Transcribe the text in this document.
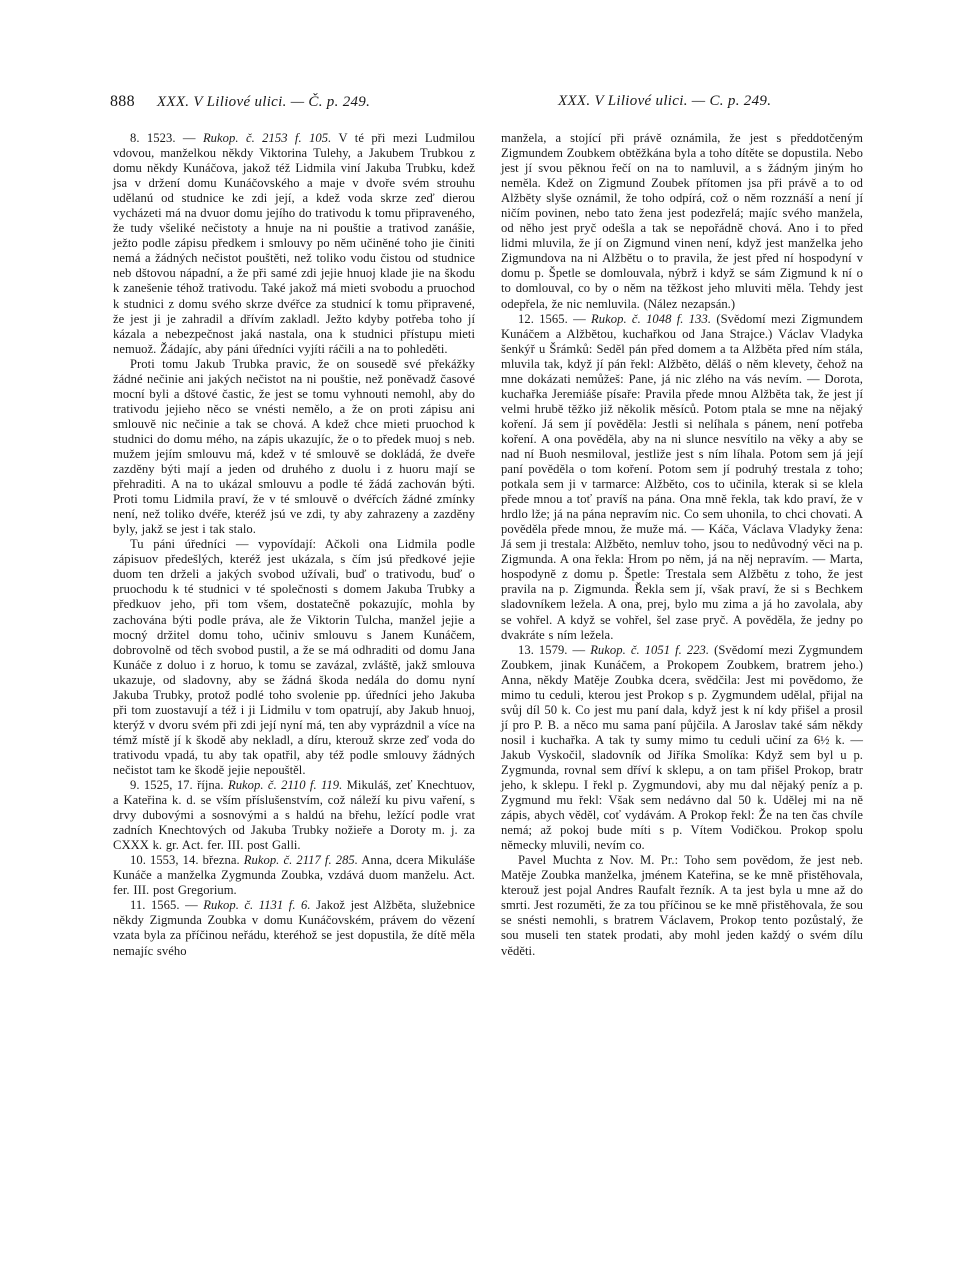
888 XXX. V Liliové ulici. — Č. p. 249.	XXX. V Liliové ulici. — C. p. 249.

8. 1523. — Rukop. č. 2153 f. 105. V té při mezi Ludmilou vdovou, manželkou někdy Viktorina Tulehy, a Jakubem Trubkou z domu někdy Kunáčova, jakož též Lidmila viní Jakuba Trubku, kdež jsa v držení domu Kunáčovského a maje v dvoře svém strouhu udělanú od studnice ke zdi její, a kdež voda skrze zeď dierou vycházeti má na dvuor domu jejího do trativodu k tomu připraveného, že tudy všeliké nečistoty a hnuje na ni pouštie a trativod zanášie, ježto podle zápisu předkem i smlouvy po něm učiněné toho jie činiti nemá a žádných nečistot pouštěti, než toliko vodu čistou od studnice neb dštovou nápadní, a že při samé zdi jejie hnuoj klade jie na škodu k zanešenie téhož trativodu. Také jakož má mieti svobodu a pruochod k studnici z domu svého skrze dvéřce za studnicí k tomu připravené, že jest ji je zahradil a dřívím zakladl. Ježto kdyby potřeba toho jí kázala a nebezpečnost jaká nastala, ona k studnici přístupu mieti nemuož. Žádajíc, aby páni úředníci vyjíti ráčili a na to pohleděti.

Proti tomu Jakub Trubka pravic, že on sousedě své překážky žádné nečinie ani jakých nečistot na ni pouštie, než poněvadž časové mocní byli a dštové častic, že jest se tomu vyhnouti nemohl, aby do trativodu jejieho něco se vnésti nemělo, a že on proti zápisu ani smlouvě nic nečinie a tak se chová. A kdež chce mieti pruochod k studnici do domu mého, na zápis ukazujíc, že o to předek muoj s neb. mužem jejím smlouvu má, kdež v té smlouvě se dokládá, že dveře zazděny býti mají a jeden od druhého z duolu i z huoru mají se přehraditi. A na to ukázal smlouvu a podle té žádá zachován býti. Proti tomu Lidmila praví, že v té smlouvě o dvéřcích žádné zmínky není, než toliko dvéře, kteréž jsú ve zdi, ty aby zahrazeny a zazděny byly, jakž se jest i tak stalo.

Tu páni úředníci — vypovídají: Ačkoli ona Lidmila podle zápisuov předešlých, kteréž jest ukázala, s čím jsú předkové jejie duom ten drželi a jakých svobod užívali, buď o trativodu, buď o pruochodu k té studnici v té společnosti s domem Jakuba Trubky a předkuov jeho, při tom všem, dostatečně pokazujíc, mohla by zachována býti podle práva, ale že Viktorin Tulcha, manžel jejie a mocný držitel domu toho, učiniv smlouvu s Janem Kunáčem, dobrovolně od těch svobod pustil, a že se má odhraditi od domu Jana Kunáče z doluo i z horuo, k tomu se zavázal, zvláště, jakž smlouva ukazuje, od sladovny, aby se žádná škoda nedála do domu nyní Jakuba Trubky, protož podlé toho svolenie pp. úředníci jeho Jakuba při tom zuostavují a též i ji Lidmilu v tom opatrují, aby Jakub hnuoj, kterýž v dvoru svém při zdi její nyní má, ten aby vyprázdnil a více na témž místě jí k škodě aby nekladl, a díru, kterouž skrze zeď voda do trativodu vpadá, tu aby tak opatřil, aby též podle smlouvy žádných nečistot tam ke škodě jejie nepouštěl.

9. 1525, 17. října. Rukop. č. 2110 f. 119. Mikuláš, zeť Knechtuov, a Kateřina k. d. se vším příslušenstvím, což náleží ku pivu vaření, s drvy dubovými a sosnovými a s haldú na břehu, ležící podle vrat zadních Knechtových od Jakuba Trubky nožieře a Doroty m. j. za CXXX k. gr. Act. fer. III. post Galli.

10. 1553, 14. března. Rukop. č. 2117 f. 285. Anna, dcera Mikuláše Kunáče a manželka Zygmunda Zoubka, vzdává duom manželu. Act. fer. III. post Gregorium.

11. 1565. — Rukop. č. 1131 f. 6. Jakož jest Alžběta, služebnice někdy Zigmunda Zoubka v domu Kunáčovském, právem do vězení vzata byla za příčinou neřádu, kteréhož se jest dopustila, že dítě měla nemajíc svého

manžela, a stojící při právě oznámila, že jest s předdotčeným Zigmundem Zoubkem obtěžkána byla a toho dítěte se dopustila. Nebo jest jí svou pěknou řečí on na to namluvil, a s žádným jiným ho neměla. Kdež on Zigmund Zoubek přítomen jsa při právě a to od Alžběty slyše oznámil, že toho odpírá, což o něm rozznáší a není jí ničím povinen, nebo tato žena jest podezřelá; majíc svého manžela, od něho jest pryč odešla a tak se nepořádně chová. Ano i to před lidmi mluvila, že jí on Zigmund vinen není, když jest manželka jeho Zigmundova na ni Alžbětu o to pravila, že jest před ní hospodyní v domu p. Špetle se domlouvala, nýbrž i když se sám Zigmund k ní o to domlouval, co by o něm na těžkost jeho mluviti měla. Tehdy jest odepřela, že nic nemluvila. (Nález nezapsán.)

12. 1565. — Rukop. č. 1048 f. 133. (Svědomí mezi Zigmundem Kunáčem a Alžbětou, kuchařkou od Jana Strajce.) Václav Vladyka šenkýř u Šrámků: Seděl pán před domem a ta Alžběta před ním stála, mluvila tak, když jí pán řekl: Alžběto, děláš o něm klevety, čehož na mne dokázati nemůžeš: Pane, já nic zlého na vás nevím. — Dorota, kuchařka Jeremiáše písaře: Pravila přede mnou Alžběta tak, že jest jí velmi hrubě těžko již několik měsíců. Potom ptala se mne na nějaký koření. Já sem jí pověděla: Jestli si nelíhala s pánem, není potřeba koření. A ona pověděla, aby na ni slunce nesvítilo na věky a aby se nad ní Buoh nesmiloval, jestliže jest s ním líhala. Potom sem já její paní pověděla o tom koření. Potom sem jí podruhý trestala z toho; potkala sem ji v tarmarce: Alžběto, cos to učinila, kterak si se klela přede mnou a toť pravíš na pána. Ona mně řekla, tak kdo praví, že v hrdlo lže; já na pána nepravím nic. Co sem uhonila, to chci chovati. A pověděla přede mnou, že muže má. — Káča, Václava Vladyky žena: Já sem ji trestala: Alžběto, nemluv toho, jsou to nedůvodný věci na p. Zigmunda. A ona řekla: Hrom po něm, já na něj nepravím. — Marta, hospodyně z domu p. Špetle: Trestala sem Alžbětu z toho, že jest pravila na p. Zigmunda. Řekla sem jí, však praví, že si s Bechkem sladovníkem ležela. A ona, prej, bylo mu zima a já ho zavolala, aby se vohřel. A když se vohřel, šel zase pryč. A pověděla, že jedny po dvakráte s ním ležela.

13. 1579. — Rukop. č. 1051 f. 223. (Svědomí mezi Zygmundem Zoubkem, jinak Kunáčem, a Prokopem Zoubkem, bratrem jeho.) Anna, někdy Matěje Zoubka dcera, svědčila: Jest mi povědomo, že mimo tu ceduli, kterou jest Prokop s p. Zygmundem udělal, přijal na svůj díl 50 k. Co jest mu paní dala, když jest k ní kdy přišel a prosil jí pro P. B. a něco mu sama paní půjčila. A Jaroslav také sám někdy nosil i kuchařka. A tak ty sumy mimo tu ceduli učiní za 6½ k. — Jakub Vyskočil, sladovník od Jiříka Smolíka: Když sem byl u p. Zygmunda, rovnal sem dříví k sklepu, a on tam přišel Prokop, bratr jeho, k sklepu. I řekl p. Zygmundovi, aby mu dal nějaký peníz a p. Zygmund mu řekl: Však sem nedávno dal 50 k. Udělej mi na ně zápis, abych věděl, coť vydávám. A Prokop řekl: Že na ten čas chvíle nemá; až pokoj bude míti s p. Vítem Vodičkou. Prokop spolu německy mluvili, nevím co.

Pavel Muchta z Nov. M. Pr.: Toho sem povědom, že jest neb. Matěje Zoubka manželka, jménem Kateřina, se ke mně přistěhovala, kterouž jest pojal Andres Raufalt řezník. A ta jest byla u mne až do smrti. Jest rozuměti, že za tou příčinou se ke mně přistěhovala, že sou se snésti nemohli, s bratrem Václavem, Prokop tento pozůstalý, že sou museli ten statek prodati, aby mohl jeden každý o svém dílu věděti.
